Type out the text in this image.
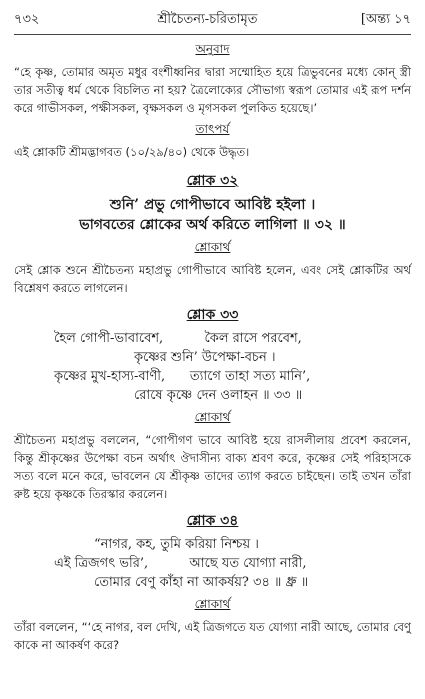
৭৩২	শ্রীচৈতন্য-চরিতামৃত	[অন্ত্য ১৭
অনুবাদ
“হে কৃষ্ণ, তোমার অমৃত মধুর বংশীধ্বনির দ্বারা সম্মোহিত হয়ে ত্রিভুবনের মধ্যে কোন্ স্ত্রী তার সতীত্ব ধর্ম থেকে বিচলিত না হয়? ত্রৈলোক্যের সৌভাগ্য স্বরূপ তোমার এই রূপ দর্শন করে গাভীসকল, পক্ষীসকল, বৃক্ষসকল ও মৃগসকল পুলকিত হয়েছে।’
তাৎপর্য
এই শ্লোকটি শ্রীমদ্ভাগবত (১০/২৯/৪০) থেকে উদ্ধৃত।
শ্লোক ৩২

শুনি’ প্রভু গোপীভাবে আবিষ্ট হইলা ।

ভাগবতের শ্লোকের অর্থ করিতে লাগিলা ॥ ৩২ ॥

শ্লোকার্থ
সেই শ্লোক শুনে শ্রীচৈতন্য মহাপ্রভু গোপীভাবে আবিষ্ট হলেন, এবং সেই শ্লোকটির অর্থ বিশ্লেষণ করতে লাগলেন।
শ্লোক ৩৩

হৈল গোপী-ভাবাবেশ,          কৈল রাসে পরবেশ,

কৃষ্ণের শুনি’ উপেক্ষা-বচন ।

কৃষ্ণের মুখ-হাস্য-বাণী,      ত্যাগে তাহা সত্য মানি’,

রোষে কৃষ্ণে দেন ওলাহন ॥ ৩৩ ॥

শ্লোকার্থ
শ্রীচৈতন্য মহাপ্রভু বললেন, “গোপীগণ ভাবে আবিষ্ট হয়ে রাসলীলায় প্রবেশ করলেন, কিন্তু শ্রীকৃষ্ণের উপেক্ষা বচন অর্থাৎ ঔদাসীন্য বাক্য শ্রবণ করে, কৃষ্ণের সেই পরিহাসকে সত্য বলে মনে করে, ভাবলেন যে শ্রীকৃষ্ণ তাদের ত্যাগ করতে চাইছেন। তাই তখন তাঁরা রুষ্ট হয়ে কৃষ্ণকে তিরস্কার করলেন।
শ্লোক ৩৪

“নাগর, কহ, তুমি করিয়া নিশ্চয় ।

এই ত্রিজগৎ ভরি’,          আছে যত যোগ্যা নারী,

তোমার বেণু কাঁহা না আকর্ষয়? ৩৪ ॥ ধ্রু ॥

শ্লোকার্থ
তাঁরা বললেন, “‘হে নাগর, বল দেখি, এই ত্রিজগতে যত যোগ্যা নারী আছে, তোমার বেণু কাকে না আকর্ষণ করে?
